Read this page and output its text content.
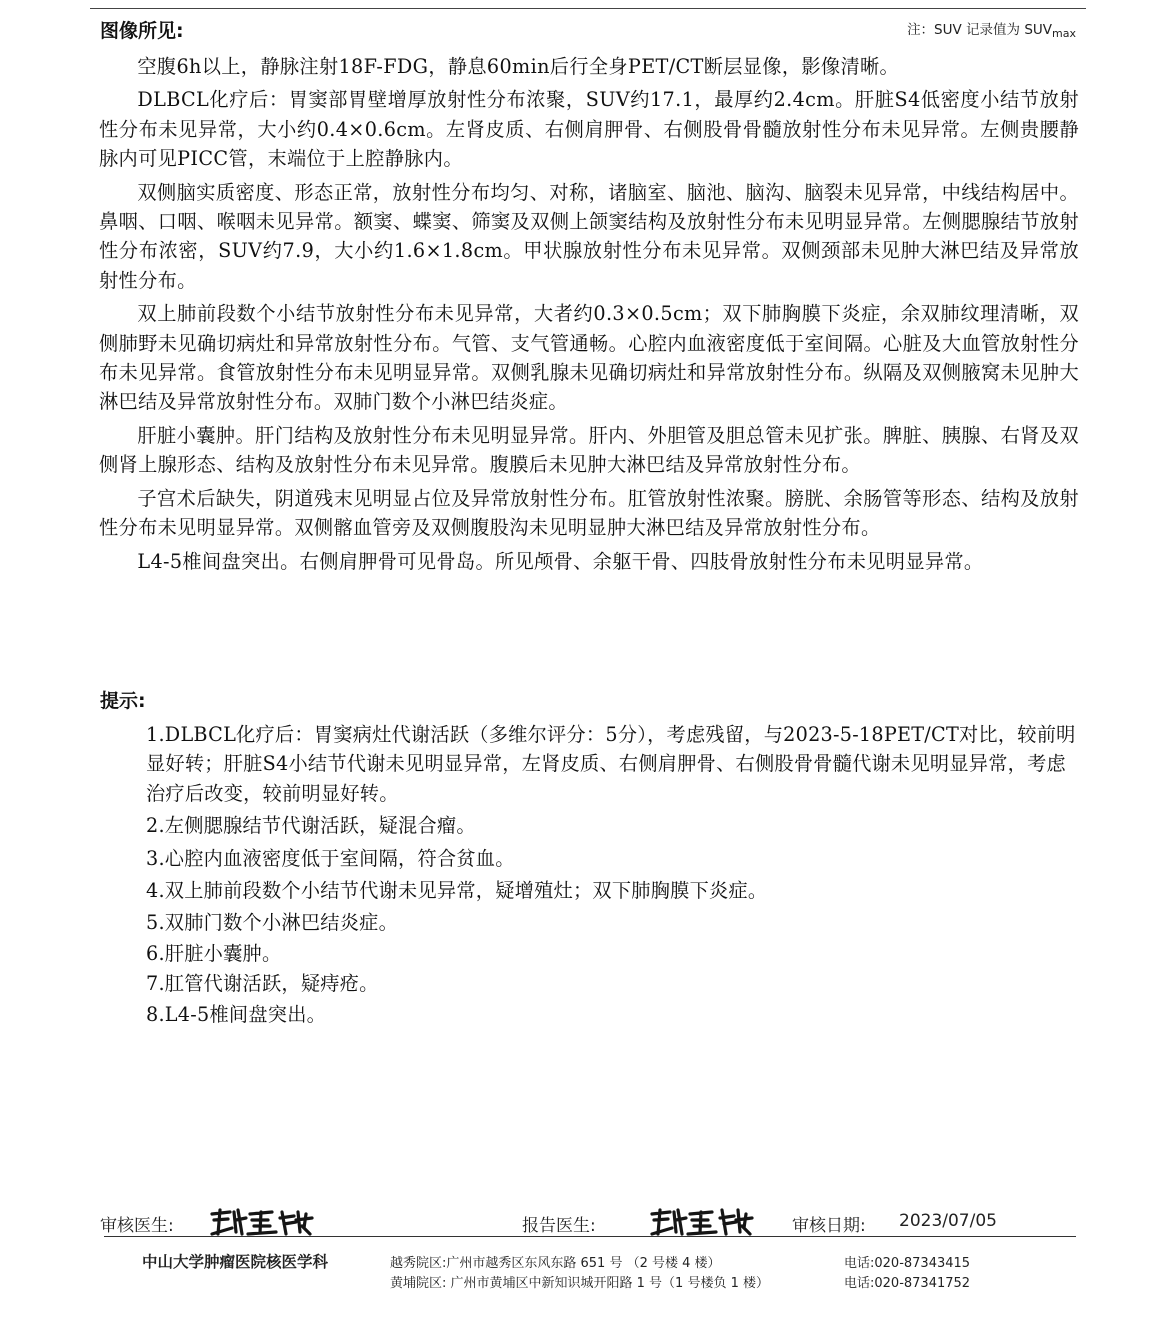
图像所见:	注：SUV 记录值为 $SUV_{max}$

空腹6h以上，静脉注射18F-FDG，静息60min后行全身PET/CT断层显像，影像清晰。

DLBCL化疗后：胃窦部胃壁增厚放射性分布浓聚，SUV约17.1，最厚约2.4cm。肝脏S4低密度小结节放射性分布未见异常，大小约0.4×0.6cm。左肾皮质、右侧肩胛骨、右侧股骨骨髓放射性分布未见异常。左侧贵腰静脉内可见PICC管，末端位于上腔静脉内。

双侧脑实质密度、形态正常，放射性分布均匀、对称，诸脑室、脑池、脑沟、脑裂未见异常，中线结构居中。鼻咽、口咽、喉咽未见异常。额窦、蝶窦、筛窦及双侧上颌窦结构及放射性分布未见明显异常。左侧腮腺结节放射性分布浓密，SUV约7.9，大小约1.6×1.8cm。甲状腺放射性分布未见异常。双侧颈部未见肿大淋巴结及异常放射性分布。

双上肺前段数个小结节放射性分布未见异常，大者约0.3×0.5cm；双下肺胸膜下炎症，余双肺纹理清晰，双侧肺野未见确切病灶和异常放射性分布。气管、支气管通畅。心腔内血液密度低于室间隔。心脏及大血管放射性分布未见异常。食管放射性分布未见明显异常。双侧乳腺未见确切病灶和异常放射性分布。纵隔及双侧腋窝未见肿大淋巴结及异常放射性分布。双肺门数个小淋巴结炎症。

肝脏小囊肿。肝门结构及放射性分布未见明显异常。肝内、外胆管及胆总管未见扩张。脾脏、胰腺、右肾及双侧肾上腺形态、结构及放射性分布未见异常。腹膜后未见肿大淋巴结及异常放射性分布。

子宫术后缺失，阴道残末见明显占位及异常放射性分布。肛管放射性浓聚。膀胱、余肠管等形态、结构及放射性分布未见明显异常。双侧髂血管旁及双侧腹股沟未见明显肿大淋巴结及异常放射性分布。

L4-5椎间盘突出。右侧肩胛骨可见骨岛。所见颅骨、余躯干骨、四肢骨放射性分布未见明显异常。

提示:
1.DLBCL化疗后：胃窦病灶代谢活跃（多维尔评分：5分），考虑残留，与2023-5-18PET/CT对比，较前明显好转；肝脏S4小结节代谢未见明显异常，左肾皮质、右侧肩胛骨、右侧股骨骨髓代谢未见明显异常，考虑治疗后改变，较前明显好转。
2.左侧腮腺结节代谢活跃，疑混合瘤。
3.心腔内血液密度低于室间隔，符合贫血。
4.双上肺前段数个小结节代谢未见异常，疑增殖灶；双下肺胸膜下炎症。
5.双肺门数个小淋巴结炎症。
6.肝脏小囊肿。
7.肛管代谢活跃，疑痔疮。
8.L4-5椎间盘突出。
审核医生:	报告医生:	审核日期: 2023/07/05
中山大学肿瘤医院核医学科	越秀院区:广州市越秀区东风东路 651 号 （2 号楼 4 楼）	电话:020-87343415
黄埔院区: 广州市黄埔区中新知识城开阳路 1 号（1 号楼负 1 楼）	电话:020-87341752
